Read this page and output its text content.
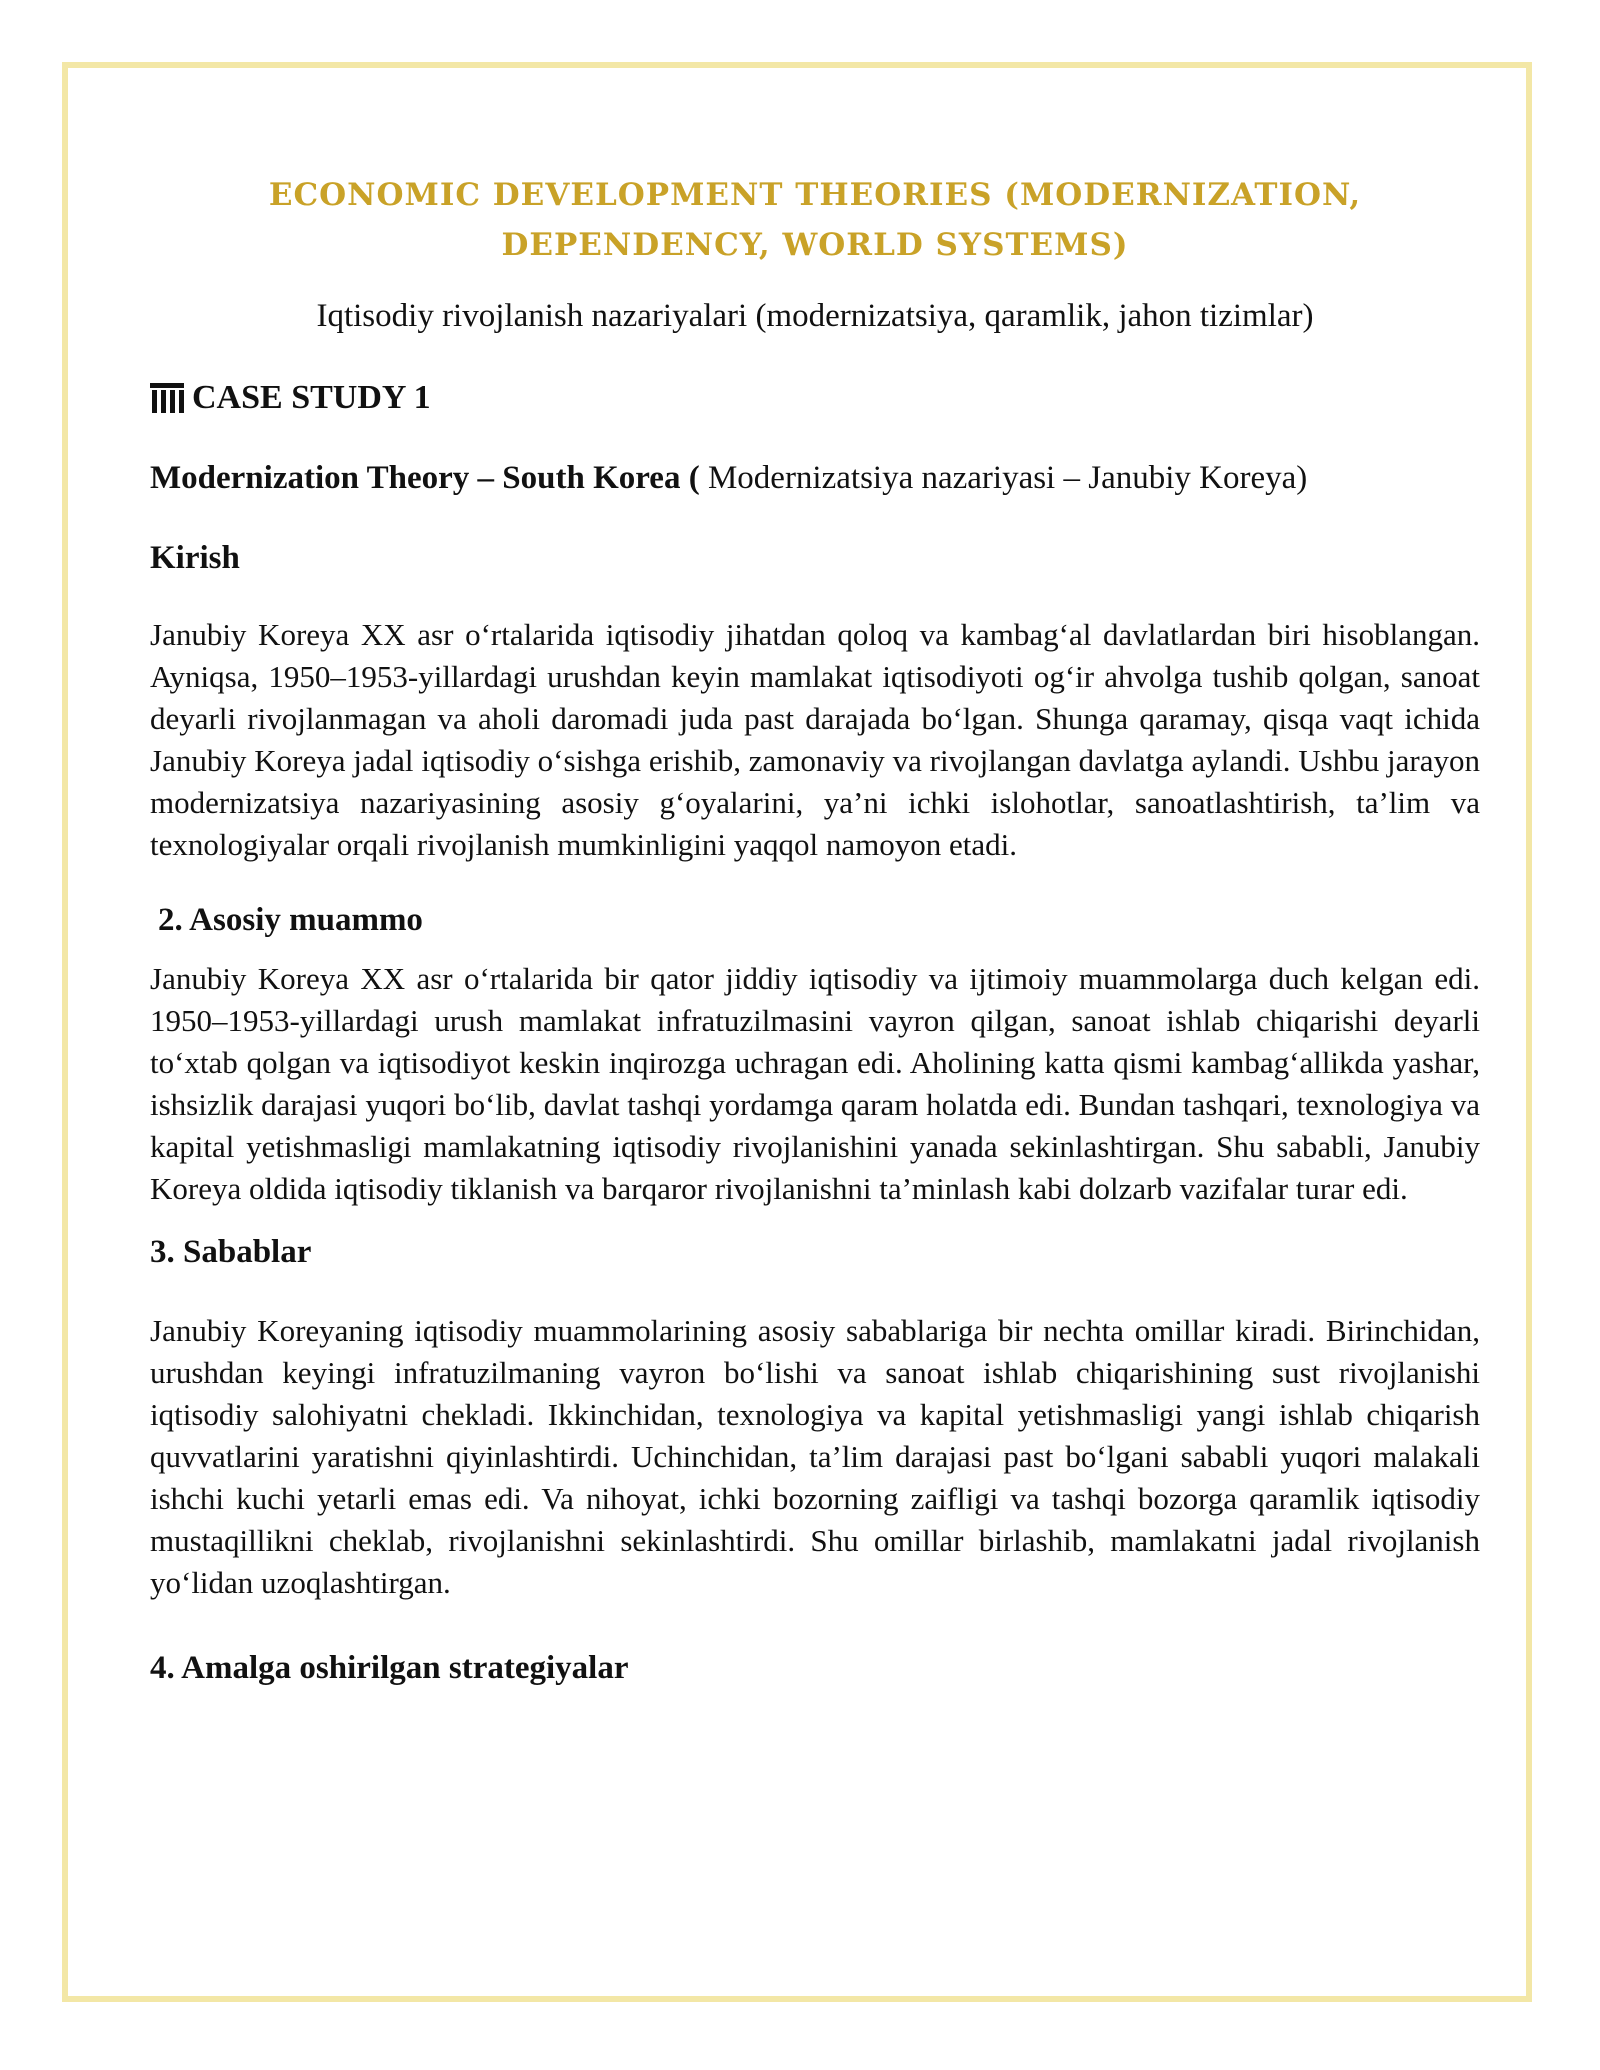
ECONOMIC DEVELOPMENT THEORIES (MODERNIZATION, DEPENDENCY, WORLD SYSTEMS)

Iqtisodiy rivojlanish nazariyalari (modernizatsiya, qaramlik, jahon tizimlar)

CASE STUDY 1

Modernization Theory – South Korea ( Modernizatsiya nazariyasi – Janubiy Koreya)

Kirish

Janubiy Koreya XX asr o‘rtalarida iqtisodiy jihatdan qoloq va kambag‘al davlatlardan biri hisoblangan. Ayniqsa, 1950–1953-yillardagi urushdan keyin mamlakat iqtisodiyoti og‘ir ahvolga tushib qolgan, sanoat deyarli rivojlanmagan va aholi daromadi juda past darajada bo‘lgan. Shunga qaramay, qisqa vaqt ichida Janubiy Koreya jadal iqtisodiy o‘sishga erishib, zamonaviy va rivojlangan davlatga aylandi. Ushbu jarayon modernizatsiya nazariyasining asosiy g‘oyalarini, ya’ni ichki islohotlar, sanoatlashtirish, ta’lim va texnologiyalar orqali rivojlanish mumkinligini yaqqol namoyon etadi.

2. Asosiy muammo

Janubiy Koreya XX asr o‘rtalarida bir qator jiddiy iqtisodiy va ijtimoiy muammolarga duch kelgan edi. 1950–1953-yillardagi urush mamlakat infratuzilmasini vayron qilgan, sanoat ishlab chiqarishi deyarli to‘xtab qolgan va iqtisodiyot keskin inqirozga uchragan edi. Aholining katta qismi kambag‘allikda yashar, ishsizlik darajasi yuqori bo‘lib, davlat tashqi yordamga qaram holatda edi. Bundan tashqari, texnologiya va kapital yetishmasligi mamlakatning iqtisodiy rivojlanishini yanada sekinlashtirgan. Shu sababli, Janubiy Koreya oldida iqtisodiy tiklanish va barqaror rivojlanishni ta’minlash kabi dolzarb vazifalar turar edi.

3. Sabablar

Janubiy Koreyaning iqtisodiy muammolarining asosiy sabablariga bir nechta omillar kiradi. Birinchidan, urushdan keyingi infratuzilmaning vayron bo‘lishi va sanoat ishlab chiqarishining sust rivojlanishi iqtisodiy salohiyatni chekladi. Ikkinchidan, texnologiya va kapital yetishmasligi yangi ishlab chiqarish quvvatlarini yaratishni qiyinlashtirdi. Uchinchidan, ta’lim darajasi past bo‘lgani sababli yuqori malakali ishchi kuchi yetarli emas edi. Va nihoyat, ichki bozorning zaifligi va tashqi bozorga qaramlik iqtisodiy mustaqillikni cheklab, rivojlanishni sekinlashtirdi. Shu omillar birlashib, mamlakatni jadal rivojlanish yo‘lidan uzoqlashtirgan.

4. Amalga oshirilgan strategiyalar
